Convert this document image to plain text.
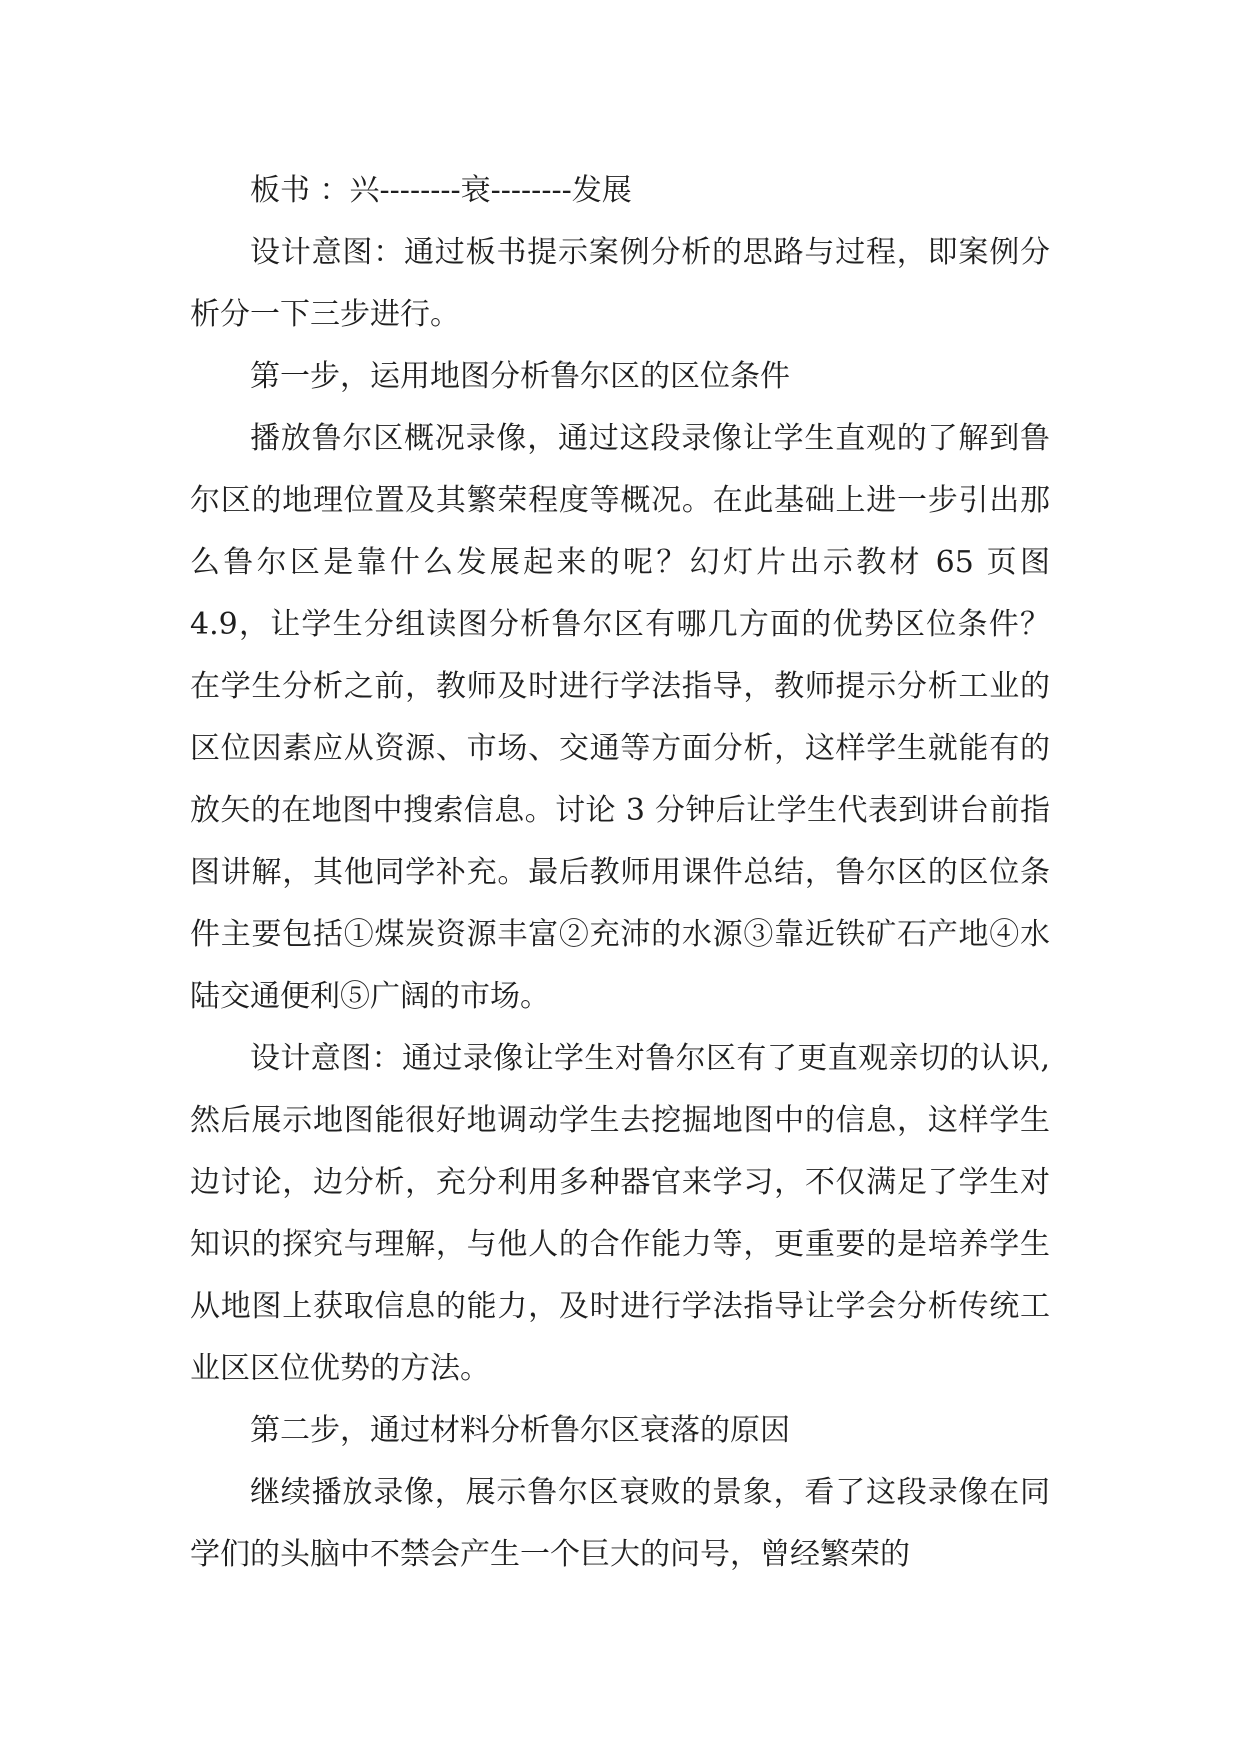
板书 ：兴--------衰--------发展

设计意图：通过板书提示案例分析的思路与过程，即案例分析分一下三步进行。

第一步，运用地图分析鲁尔区的区位条件

播放鲁尔区概况录像，通过这段录像让学生直观的了解到鲁尔区的地理位置及其繁荣程度等概况。在此基础上进一步引出那么鲁尔区是靠什么发展起来的呢？幻灯片出示教材 65 页图 4.9，让学生分组读图分析鲁尔区有哪几方面的优势区位条件？ 在学生分析之前，教师及时进行学法指导，教师提示分析工业的区位因素应从资源、市场、交通等方面分析，这样学生就能有的放矢的在地图中搜索信息。讨论 3 分钟后让学生代表到讲台前指图讲解，其他同学补充。最后教师用课件总结，鲁尔区的区位条件主要包括①煤炭资源丰富②充沛的水源③靠近铁矿石产地④水陆交通便利⑤广阔的市场。

设计意图：通过录像让学生对鲁尔区有了更直观亲切的认识,然后展示地图能很好地调动学生去挖掘地图中的信息，这样学生边讨论，边分析，充分利用多种器官来学习，不仅满足了学生对知识的探究与理解，与他人的合作能力等，更重要的是培养学生从地图上获取信息的能力，及时进行学法指导让学会分析传统工业区区位优势的方法。

第二步，通过材料分析鲁尔区衰落的原因

继续播放录像，展示鲁尔区衰败的景象，看了这段录像在同学们的头脑中不禁会产生一个巨大的问号，曾经繁荣的
